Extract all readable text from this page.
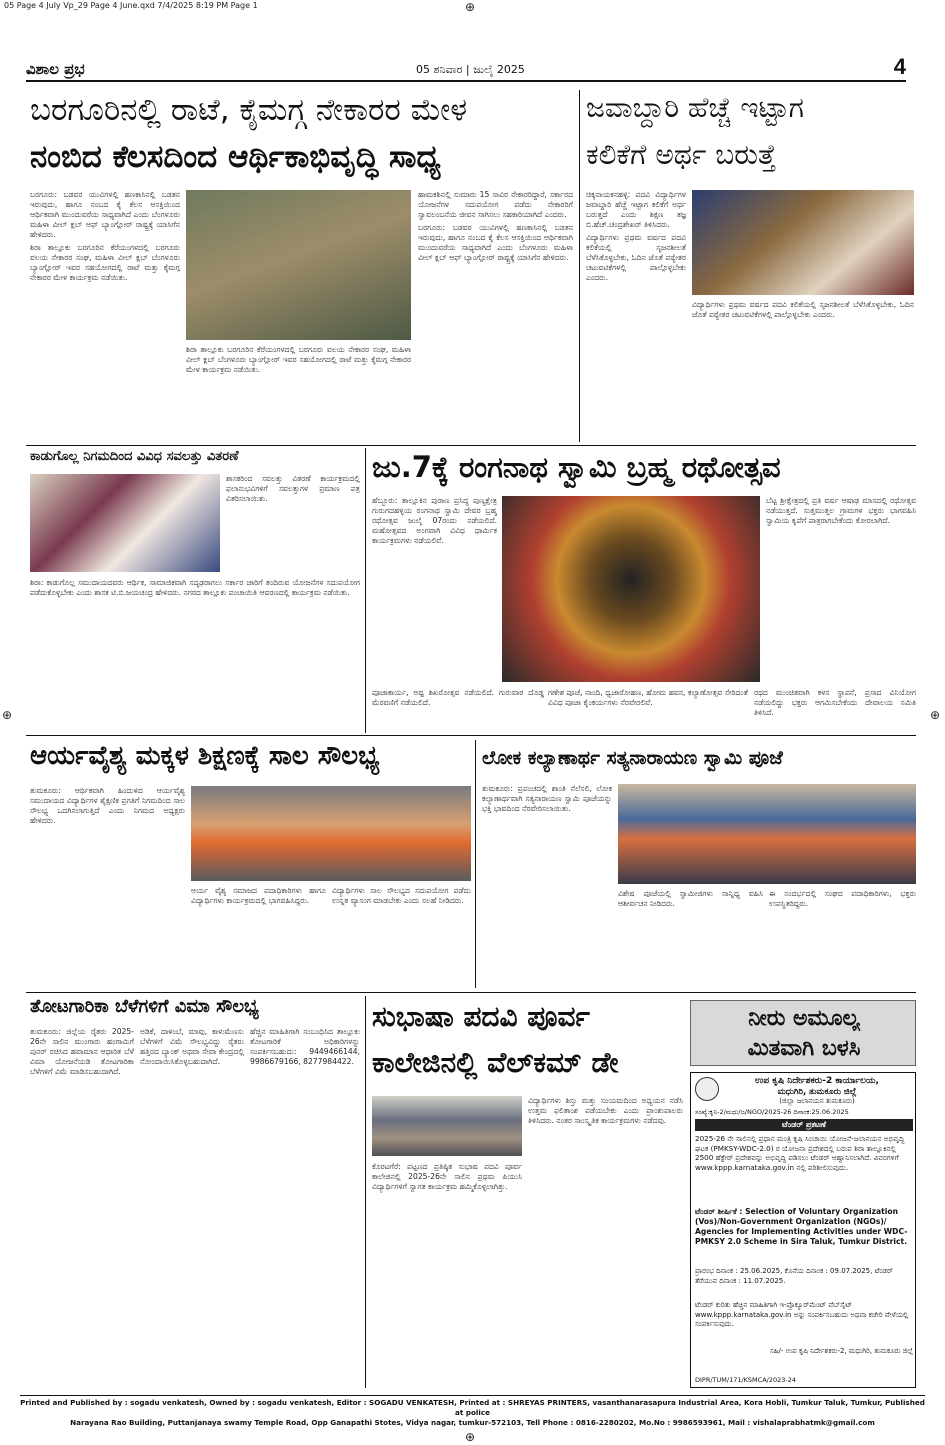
05 Page 4 July Vp_29 Page 4 June.qxd 7/4/2025 8:19 PM Page 1	⊕
⊕	⊕
⊕
ವಿಶಾಲ ಪ್ರಭ	05 ಶನಿವಾರ | ಜುಲೈ 2025	4
ಬರಗೂರಿನಲ್ಲಿ ರಾಟೆ, ಕೈಮಗ್ಗ ನೇಕಾರರ ಮೇಳ
ನಂಬಿದ ಕೆಲಸದಿಂದ ಆರ್ಥಿಕಾಭಿವೃದ್ಧಿ ಸಾಧ್ಯ

ಬರಗೂರು: ಬಡವರ ಯುವಿಗಳಲ್ಲಿ ಹಣಕಾಸಿನಲ್ಲಿ ಬಡತನ ಇರುವುದು, ಹಾಗೂ ನಂಬದ ಕೈ ಕೆಲಸ ಆಸಕ್ತಿಯಿಂದ ಆರ್ಥಿಕವಾಗಿ ಮುಂದುವರೆಯ ಸಾಧ್ಯವಾಗಿದೆ ಎಂದು ಬೆಂಗಳೂರು ಮಹಿಳಾ ವೀಲ್ ಕ್ಲಬ್ ಆಫ್ ಬ್ಯಾಂಗ್ಲೋರ್ ರಾಷ್ಟ್ರಕ್ಕೆ ಯಾಸಿಗೆನ ಹೇಳಿದರು.

ಶಿರಾ ತಾಲ್ಲೂಕು ಬರಗೂರಿನ ಕೆರೆಯಂಗಳದಲ್ಲಿ ಬರಗೂರು ವಲಯ ನೇಕಾರರ ಸಂಘ, ಮಹಿಳಾ ವೀಲ್ ಕ್ಲಬ್ ಬೆಂಗಳೂರು ಬ್ಯಾಂಗ್ಲೋರ್ ಇವರ ಸಹಯೋಗದಲ್ಲಿ ರಾಟೆ ಮತ್ತು ಕೈಮಗ್ಗ ನೇಕಾರರ ಮೇಳ ಕಾರ್ಯಕ್ರಮ ನಡೆಯಿತು.

ಶಿರಾ ತಾಲ್ಲೂಕು ಬರಗೂರಿನ ಕೆರೆಯಂಗಳದಲ್ಲಿ ಬರಗೂರು ವಲಯ ನೇಕಾರರ ಸಂಘ, ಮಹಿಳಾ ವೀಲ್ ಕ್ಲಬ್ ಬೆಂಗಳೂರು ಬ್ಯಾಂಗ್ಲೋರ್ ಇವರ ಸಹಯೋಗದಲ್ಲಿ ರಾಟೆ ಮತ್ತು ಕೈಮಗ್ಗ ನೇಕಾರರ ಮೇಳ ಕಾರ್ಯಕ್ರಮ ನಡೆಯಿತು.

ಹಾಮಕಶಿನಲ್ಲಿ ಸುಮಾರು 15 ಸಾವಿರ ನೇಕಾರರಿದ್ದಾರೆ, ಸರ್ಕಾರದ ಯೋಜನೆಗಳ ಸದುಪಯೋಗ ಪಡೆದು ನೇಕಾರರಿಗೆ ಸ್ವಾವಲಂಬನೆಯ ಜೀವನ ಸಾಗಿಸಲು ಸಹಕಾರಿಯಾಗಿದೆ ಎಂದರು.

ಬರಗೂರು: ಬಡವರ ಯುವಿಗಳಲ್ಲಿ ಹಣಕಾಸಿನಲ್ಲಿ ಬಡತನ ಇರುವುದು, ಹಾಗೂ ನಂಬದ ಕೈ ಕೆಲಸ ಆಸಕ್ತಿಯಿಂದ ಆರ್ಥಿಕವಾಗಿ ಮುಂದುವರೆಯ ಸಾಧ್ಯವಾಗಿದೆ ಎಂದು ಬೆಂಗಳೂರು ಮಹಿಳಾ ವೀಲ್ ಕ್ಲಬ್ ಆಫ್ ಬ್ಯಾಂಗ್ಲೋರ್ ರಾಷ್ಟ್ರಕ್ಕೆ ಯಾಸಿಗೆನ ಹೇಳಿದರು.

ಜವಾಬ್ದಾರಿ ಹೆಚ್ಚೆ ಇಟ್ಟಾಗ
ಕಲಿಕೆಗೆ ಅರ್ಥ ಬರುತ್ತೆ

ಚಿಕ್ಕನಾಯಕನಹಳ್ಳಿ: ಪದವಿ ವಿದ್ಯಾರ್ಥಿಗಳ ಜವಾಬ್ದಾರಿ ಹೆಚ್ಚೆ ಇಟ್ಟಾಗ ಕಲಿಕೆಗೆ ಅರ್ಥ ಬರುತ್ತದೆ ಎಂದು ಶಿಕ್ಷಣ ತಜ್ಞ ಬಿ.ಹೆಚ್.ಚಂದ್ರಶೇಖರ್ ತಿಳಿಸಿದರು.

ವಿದ್ಯಾರ್ಥಿಗಳು ಪ್ರಥಮ ವರ್ಷದ ಪದವಿ ಕಲಿಕೆಯಲ್ಲಿ ಸೃಜನಶೀಲತೆ ಬೆಳೆಸಿಕೊಳ್ಳಬೇಕು, ಓದಿನ ಜೊತೆ ಪಠ್ಯೇತರ ಚಟುವಟಿಕೆಗಳಲ್ಲಿ ಪಾಲ್ಗೊಳ್ಳಬೇಕು ಎಂದರು.

ವಿದ್ಯಾರ್ಥಿಗಳು ಪ್ರಥಮ ವರ್ಷದ ಪದವಿ ಕಲಿಕೆಯಲ್ಲಿ ಸೃಜನಶೀಲತೆ ಬೆಳೆಸಿಕೊಳ್ಳಬೇಕು, ಓದಿನ ಜೊತೆ ಪಠ್ಯೇತರ ಚಟುವಟಿಕೆಗಳಲ್ಲಿ ಪಾಲ್ಗೊಳ್ಳಬೇಕು ಎಂದರು.

ಕಾಡುಗೊಲ್ಲ ನಿಗಮದಿಂದ ವಿವಿಧ ಸವಲತ್ತು ವಿತರಣೆ

ಶಾಸಕರಿಂದ ಸವಲತ್ತು ವಿತರಣೆ ಕಾರ್ಯಕ್ರಮದಲ್ಲಿ ಫಲಾನುಭವಿಗಳಿಗೆ ಸವಲತ್ತುಗಳ ಪ್ರಮಾಣ ಪತ್ರ ವಿತರಿಸಲಾಯಿತು.

ಶಿರಾ: ಕಾಡುಗೊಲ್ಲ ಸಮುದಾಯದವರು ಆರ್ಥಿಕ, ಸಾಮಾಜಿಕವಾಗಿ ಸದೃಢರಾಗಲು ಸರ್ಕಾರ ಜಾರಿಗೆ ತಂದಿರುವ ಯೋಜನೆಗಳ ಸದುಪಯೋಗ ಪಡೆದುಕೊಳ್ಳಬೇಕು ಎಂದು ಶಾಸಕ ಟಿ.ಬಿ.ಜಯಚಂದ್ರ ಹೇಳಿದರು. ನಗರದ ತಾಲ್ಲೂಕು ಪಂಚಾಯಿತಿ ಆವರಣದಲ್ಲಿ ಕಾರ್ಯಕ್ರಮ ನಡೆಯಿತು.

ಜು.7ಕ್ಕೆ ರಂಗನಾಥ ಸ್ವಾಮಿ ಬ್ರಹ್ಮ ರಥೋತ್ಸವ

ಹೆಬ್ಬೂರು: ತಾಲ್ಲೂಕಿನ ಪುರಾಣ ಪ್ರಸಿದ್ಧ ಪುಣ್ಯಕ್ಷೇತ್ರ ಗುರುಗದಹಳ್ಳಿಯ ರಂಗನಾಥ ಸ್ವಾಮಿ ದೇವರ ಬ್ರಹ್ಮ ರಥೋತ್ಸವ ಜುಲೈ 07ರಂದು ನಡೆಯಲಿದೆ. ಮಹೋತ್ಸವದ ಅಂಗವಾಗಿ ವಿವಿಧ ಧಾರ್ಮಿಕ ಕಾರ್ಯಕ್ರಮಗಳು ನಡೆಯಲಿವೆ.

ಬೆಟ್ಟ ಶ್ರೀಕ್ಷೇತ್ರದಲ್ಲಿ ಪ್ರತಿ ವರ್ಷ ಆಷಾಢ ಮಾಸದಲ್ಲಿ ರಥೋತ್ಸವ ನಡೆಯುತ್ತದೆ. ಸುತ್ತಮುತ್ತಲ ಗ್ರಾಮಗಳ ಭಕ್ತರು ಭಾಗವಹಿಸಿ ಸ್ವಾಮಿಯ ಕೃಪೆಗೆ ಪಾತ್ರರಾಗಬೇಕೆಂದು ಕೋರಲಾಗಿದೆ.

ಪೂಜಾಕಾರ್ಯ, ಅಷ್ಟ ಶಿಖರೋತ್ಸವ ನಡೆಯಲಿದೆ. ಗುರುವಾರ ದೊಡ್ಡ ಮೆರವಣಿಗೆ ನಡೆಯಲಿದೆ.

ಗಣೇಶ ಪೂಜೆ, ನಾಂದಿ, ಧ್ವಜಾರೋಹಣ, ಹೋಮ ಹವನ, ಕಲ್ಯಾಣೋತ್ಸವ ಸೇರಿದಂತೆ ವಿವಿಧ ಪೂಜಾ ಕೈಂಕರ್ಯಗಳು ನೆರವೇರಲಿವೆ.

ರಥದ ಮುಂಚಿತವಾಗಿ ಕಳಸ ಸ್ಥಾಪನೆ, ಪ್ರಸಾದ ವಿನಿಯೋಗ ನಡೆಯಲಿದ್ದು ಭಕ್ತರು ಆಗಮಿಸಬೇಕೆಂದು ದೇವಾಲಯ ಸಮಿತಿ ತಿಳಿಸಿದೆ.

ಆರ್ಯವೈಶ್ಯ ಮಕ್ಕಳ ಶಿಕ್ಷಣಕ್ಕೆ ಸಾಲ ಸೌಲಭ್ಯ

ತುಮಕೂರು: ಆರ್ಥಿಕವಾಗಿ ಹಿಂದುಳಿದ ಆರ್ಯವೈಶ್ಯ ಸಮುದಾಯದ ವಿದ್ಯಾರ್ಥಿಗಳ ಶೈಕ್ಷಣಿಕ ಪ್ರಗತಿಗೆ ನಿಗಮದಿಂದ ಸಾಲ ಸೌಲಭ್ಯ ಒದಗಿಸಲಾಗುತ್ತಿದೆ ಎಂದು ನಿಗಮದ ಅಧ್ಯಕ್ಷರು ಹೇಳಿದರು.

ಆರ್ಯ ವೈಶ್ಯ ಸಮಾಜದ ಪದಾಧಿಕಾರಿಗಳು ಹಾಗೂ ವಿದ್ಯಾರ್ಥಿಗಳು ಕಾರ್ಯಕ್ರಮದಲ್ಲಿ ಭಾಗವಹಿಸಿದ್ದರು.

ವಿದ್ಯಾರ್ಥಿಗಳು ಸಾಲ ಸೌಲಭ್ಯದ ಸದುಪಯೋಗ ಪಡೆದು ಉನ್ನತ ವ್ಯಾಸಂಗ ಮಾಡಬೇಕು ಎಂದು ಸಲಹೆ ನೀಡಿದರು.

ಲೋಕ ಕಲ್ಯಾಣಾರ್ಥ ಸತ್ಯನಾರಾಯಣ ಸ್ವಾಮಿ ಪೂಜೆ

ತುಮಕೂರು: ಪ್ರಪಂಚದಲ್ಲಿ ಶಾಂತಿ ನೆಲೆಸಲಿ, ಲೋಕ ಕಲ್ಯಾಣಾರ್ಥವಾಗಿ ಸತ್ಯನಾರಾಯಣ ಸ್ವಾಮಿ ಪೂಜೆಯನ್ನು ಭಕ್ತಿ ಭಾವದಿಂದ ನೆರವೇರಿಸಲಾಯಿತು.

ವಿಶೇಷ ಪೂಜೆಯಲ್ಲಿ ಸ್ವಾಮೀಜಿಗಳು ಸಾನ್ನಿಧ್ಯ ವಹಿಸಿ ಆಶೀರ್ವಚನ ನೀಡಿದರು.

ಈ ಸಂದರ್ಭದಲ್ಲಿ ಸಂಘದ ಪದಾಧಿಕಾರಿಗಳು, ಭಕ್ತರು ಉಪಸ್ಥಿತರಿದ್ದರು.

ತೋಟಗಾರಿಕಾ ಬೆಳೆಗಳಿಗೆ ವಿಮಾ ಸೌಲಭ್ಯ

ತುಮಕೂರು: ಜಿಲ್ಲೆಯ ರೈತರು 2025-26ನೇ ಸಾಲಿನ ಮುಂಗಾರು ಹಂಗಾಮಿಗೆ ಪುನರ್ ರಚಿಸಿದ ಹವಾಮಾನ ಆಧಾರಿತ ಬೆಳೆ ವಿಮಾ ಯೋಜನೆಯಡಿ ತೋಟಗಾರಿಕಾ ಬೆಳೆಗಳಿಗೆ ವಿಮೆ ಮಾಡಿಸಬಹುದಾಗಿದೆ.

ಅಡಿಕೆ, ದಾಳಿಂಬೆ, ಮಾವು, ಕಾಳುಮೆಣಸು ಬೆಳೆಗಳಿಗೆ ವಿಮೆ ಸೌಲಭ್ಯವಿದ್ದು ರೈತರು ಹತ್ತಿರದ ಬ್ಯಾಂಕ್ ಅಥವಾ ಸೇವಾ ಕೇಂದ್ರದಲ್ಲಿ ನೋಂದಾಯಿಸಿಕೊಳ್ಳಬಹುದಾಗಿದೆ.

ಹೆಚ್ಚಿನ ಮಾಹಿತಿಗಾಗಿ ಸಂಬಂಧಿಸಿದ ತಾಲ್ಲೂಕು ತೋಟಗಾರಿಕೆ ಅಧಿಕಾರಿಗಳನ್ನು ಸಂಪರ್ಕಿಸಬಹುದು: 9449466144, 9986679166, 8277984422.

ಸುಭಾಷಾ ಪದವಿ ಪೂರ್ವ
ಕಾಲೇಜಿನಲ್ಲಿ ವೆಲ್‌ಕಮ್ ಡೇ

ಕೊರಟಗೆರೆ: ಪಟ್ಟಣದ ಪ್ರತಿಷ್ಠಿತ ಸುಭಾಷ ಪದವಿ ಪೂರ್ವ ಕಾಲೇಜಿನಲ್ಲಿ 2025-26ನೇ ಸಾಲಿನ ಪ್ರಥಮ ಪಿಯುಸಿ ವಿದ್ಯಾರ್ಥಿಗಳಿಗೆ ಸ್ವಾಗತ ಕಾರ್ಯಕ್ರಮ ಹಮ್ಮಿಕೊಳ್ಳಲಾಗಿತ್ತು.

ವಿದ್ಯಾರ್ಥಿಗಳು ಶಿಸ್ತು ಮತ್ತು ಸಂಯಮದಿಂದ ಅಧ್ಯಯನ ನಡೆಸಿ ಉತ್ತಮ ಫಲಿತಾಂಶ ಪಡೆಯಬೇಕು ಎಂದು ಪ್ರಾಂಶುಪಾಲರು ತಿಳಿಸಿದರು. ನಂತರ ಸಾಂಸ್ಕೃತಿಕ ಕಾರ್ಯಕ್ರಮಗಳು ನಡೆದವು.

ನೀರು ಅಮೂಲ್ಯ
ಮಿತವಾಗಿ ಬಳಸಿ
ಉಪ ಕೃಷಿ ನಿರ್ದೇಶಕರು-2 ಕಾರ್ಯಾಲಯ,
ಮಧುಗಿರಿ, ತುಮಕೂರು ಜಿಲ್ಲೆ
(ಜಿಲ್ಲಾ ಜಲಾನಯನ ತುಮಕೂರು)
ಸಂಖ್ಯೆ:ಕೃನಿ-2/ಮಧು/ಜ/NGO/2025-26 ದಿನಾಂಕ:25.06.2025
ಟೆಂಡರ್ ಪ್ರಕಟಣೆ
2025-26 ನೇ ಸಾಲಿನಲ್ಲಿ ಪ್ರಧಾನ ಮಂತ್ರಿ ಕೃಷಿ ಸಿಂಚಾಯಿ ಯೋಜನೆ-ಜಲಾನಯನ ಅಭಿವೃದ್ಧಿ ಘಟಕ (PMKSY-WDC-2.0) ರ ಯೋಜನಾ ಪ್ರದೇಶದಲ್ಲಿ ಬರುವ ಶಿರಾ ತಾಲ್ಲೂಕಿನಲ್ಲಿ 2500 ಹೆಕ್ಟೇರ್ ಪ್ರದೇಶವನ್ನು ಅಭಿವೃದ್ಧಿ ಪಡಿಸಲು ಟೆಂಡರ್ ಆಹ್ವಾನಿಸಲಾಗಿದೆ. ವಿವರಗಳಿಗೆ www.kppp.karnataka.gov.in ನಲ್ಲಿ ಪರಿಶೀಲಿಸುವುದು.
ಟೆಂಡರ್ ಶೀರ್ಷಿಕೆ : Selection of Voluntary Organization (Vos)/Non-Government Organization (NGOs)/ Agencies for Implementing Activities under WDC-PMKSY 2.0 Scheme in Sira Taluk, Tumkur District.
ಪ್ರಾರಂಭ ದಿನಾಂಕ : 25.06.2025, ಕೊನೆಯ ದಿನಾಂಕ : 09.07.2025, ಟೆಂಡರ್ ತೆರೆಯುವ ದಿನಾಂಕ : 11.07.2025.
ಟೆಂಡರ್ ಕುರಿತು ಹೆಚ್ಚಿನ ಮಾಹಿತಿಗಾಗಿ ಇ-ಪ್ರೊಕ್ಯೂರ್‌ಮೆಂಟ್ ವೆಬ್‌ಸೈಟ್ www.kppp.karnataka.gov.in ಅನ್ನು ಸಂಪರ್ಕಿಸಬಹುದು ಅಥವಾ ಕಚೇರಿ ವೇಳೆಯಲ್ಲಿ ಸಂಪರ್ಕಿಸುವುದು.
ಸಹಿ/- ಉಪ ಕೃಷಿ ನಿರ್ದೇಶಕರು-2, ಮಧುಗಿರಿ, ತುಮಕೂರು ಜಿಲ್ಲೆ
DIPR/TUM/171/KSMCA/2023-24
Printed and Published by : sogadu venkatesh, Owned by : sogadu venkatesh, Editor : SOGADU VENKATESH, Printed at : SHREYAS PRINTERS, vasanthanarasapura Industrial Area, Kora Hobli, Tumkur Taluk, Tumkur, Published at police
Narayana Rao Building, Puttanjanaya swamy Temple Road, Opp Ganapathi Stotes, Vidya nagar, tumkur-572103, Tell Phone : 0816-2280202, Mo.No : 9986593961, Mail : vishalaprabhatmk@gmail.com
